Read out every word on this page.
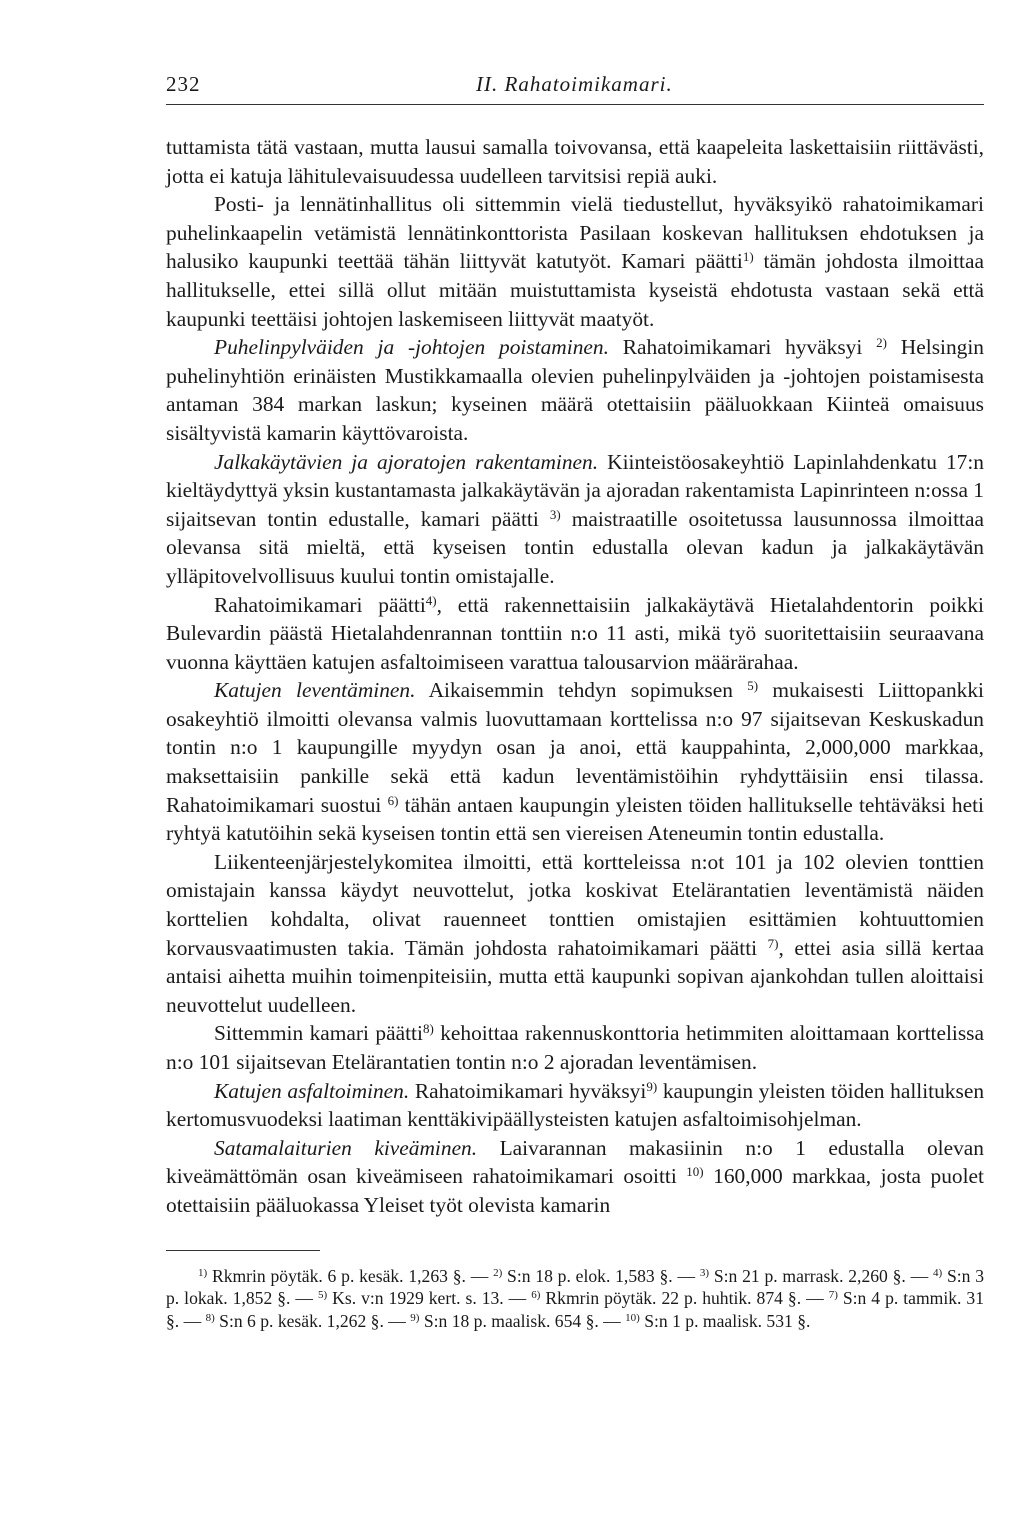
232	II. Rahatoimikamari.

tuttamista tätä vastaan, mutta lausui samalla toivovansa, että kaapeleita laskettaisiin riittävästi, jotta ei katuja lähitulevaisuudessa uudelleen tarvitsisi repiä auki.

Posti- ja lennätinhallitus oli sittemmin vielä tiedustellut, hyväksyikö rahatoimikamari puhelinkaapelin vetämistä lennätinkonttorista Pasilaan koskevan hallituksen ehdotuksen ja halusiko kaupunki teettää tähän liittyvät katutyöt. Kamari päätti$^{1)}$ tämän johdosta ilmoittaa hallitukselle, ettei sillä ollut mitään muistuttamista kyseistä ehdotusta vastaan sekä että kaupunki teettäisi johtojen laskemiseen liittyvät maatyöt.

Puhelinpylväiden ja -johtojen poistaminen. Rahatoimikamari hyväksyi $^{2)}$ Helsingin puhelinyhtiön erinäisten Mustikkamaalla olevien puhelinpylväiden ja -johtojen poistamisesta antaman 384 markan laskun; kyseinen määrä otettaisiin pääluokkaan Kiinteä omaisuus sisältyvistä kamarin käyttövaroista.

Jalkakäytävien ja ajoratojen rakentaminen. Kiinteistöosakeyhtiö Lapinlahdenkatu 17:n kieltäydyttyä yksin kustantamasta jalkakäytävän ja ajoradan rakentamista Lapinrinteen n:ossa 1 sijaitsevan tontin edustalle, kamari päätti $^{3)}$ maistraatille osoitetussa lausunnossa ilmoittaa olevansa sitä mieltä, että kyseisen tontin edustalla olevan kadun ja jalkakäytävän ylläpitovelvollisuus kuului tontin omistajalle.

Rahatoimikamari päätti$^{4)}$, että rakennettaisiin jalkakäytävä Hietalahdentorin poikki Bulevardin päästä Hietalahdenrannan tonttiin n:o 11 asti, mikä työ suoritettaisiin seuraavana vuonna käyttäen katujen asfaltoimiseen varattua talousarvion määrärahaa.

Katujen leventäminen. Aikaisemmin tehdyn sopimuksen $^{5)}$ mukaisesti Liittopankki osakeyhtiö ilmoitti olevansa valmis luovuttamaan korttelissa n:o 97 sijaitsevan Keskuskadun tontin n:o 1 kaupungille myydyn osan ja anoi, että kauppahinta, 2,000,000 markkaa, maksettaisiin pankille sekä että kadun leventämistöihin ryhdyttäisiin ensi tilassa. Rahatoimikamari suostui $^{6)}$ tähän antaen kaupungin yleisten töiden hallitukselle tehtäväksi heti ryhtyä katutöihin sekä kyseisen tontin että sen viereisen Ateneumin tontin edustalla.

Liikenteenjärjestelykomitea ilmoitti, että kortteleissa n:ot 101 ja 102 olevien tonttien omistajain kanssa käydyt neuvottelut, jotka koskivat Etelärantatien leventämistä näiden korttelien kohdalta, olivat rauenneet tonttien omistajien esittämien kohtuuttomien korvausvaatimusten takia. Tämän johdosta rahatoimikamari päätti $^{7)}$, ettei asia sillä kertaa antaisi aihetta muihin toimenpiteisiin, mutta että kaupunki sopivan ajankohdan tullen aloittaisi neuvottelut uudelleen.

Sittemmin kamari päätti$^{8)}$ kehoittaa rakennuskonttoria hetimmiten aloittamaan korttelissa n:o 101 sijaitsevan Etelärantatien tontin n:o 2 ajoradan leventämisen.

Katujen asfaltoiminen. Rahatoimikamari hyväksyi$^{9)}$ kaupungin yleisten töiden hallituksen kertomusvuodeksi laatiman kenttäkivipäällysteisten katujen asfaltoimisohjelman.

Satamalaiturien kiveäminen. Laivarannan makasiinin n:o 1 edustalla olevan kiveämättömän osan kiveämiseen rahatoimikamari osoitti $^{10)}$ 160,000 markkaa, josta puolet otettaisiin pääluokassa Yleiset työt olevista kamarin

$^{1)}$ Rkmrin pöytäk. 6 p. kesäk. 1,263 §. — $^{2)}$ S:n 18 p. elok. 1,583 §. — $^{3)}$ S:n 21 p. marrask. 2,260 §. — $^{4)}$ S:n 3 p. lokak. 1,852 §. — $^{5)}$ Ks. v:n 1929 kert. s. 13. — $^{6)}$ Rkmrin pöytäk. 22 p. huhtik. 874 §. — $^{7)}$ S:n 4 p. tammik. 31 §. — $^{8)}$ S:n 6 p. kesäk. 1,262 §. — $^{9)}$ S:n 18 p. maalisk. 654 §. — $^{10)}$ S:n 1 p. maalisk. 531 §.
